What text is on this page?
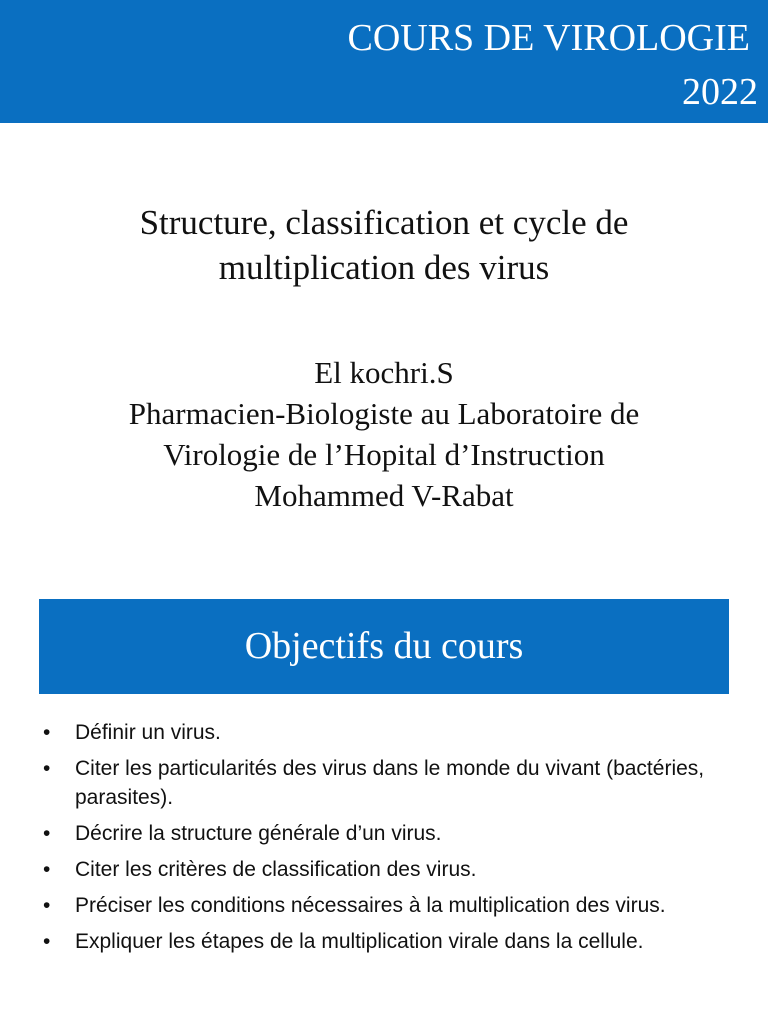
COURS DE VIROLOGIE
2022
Structure, classification et cycle de
multiplication des virus
El kochri.S
Pharmacien-Biologiste au Laboratoire de
Virologie de l’Hopital d’Instruction
Mohammed V-Rabat
Objectifs du cours
• Définir un virus.
• Citer les particularités des virus dans le monde du vivant (bactéries, parasites).
• Décrire la structure générale d’un virus.
• Citer les critères de classification des virus.
• Préciser les conditions nécessaires à la multiplication des virus.
• Expliquer les étapes de la multiplication virale dans la cellule.
